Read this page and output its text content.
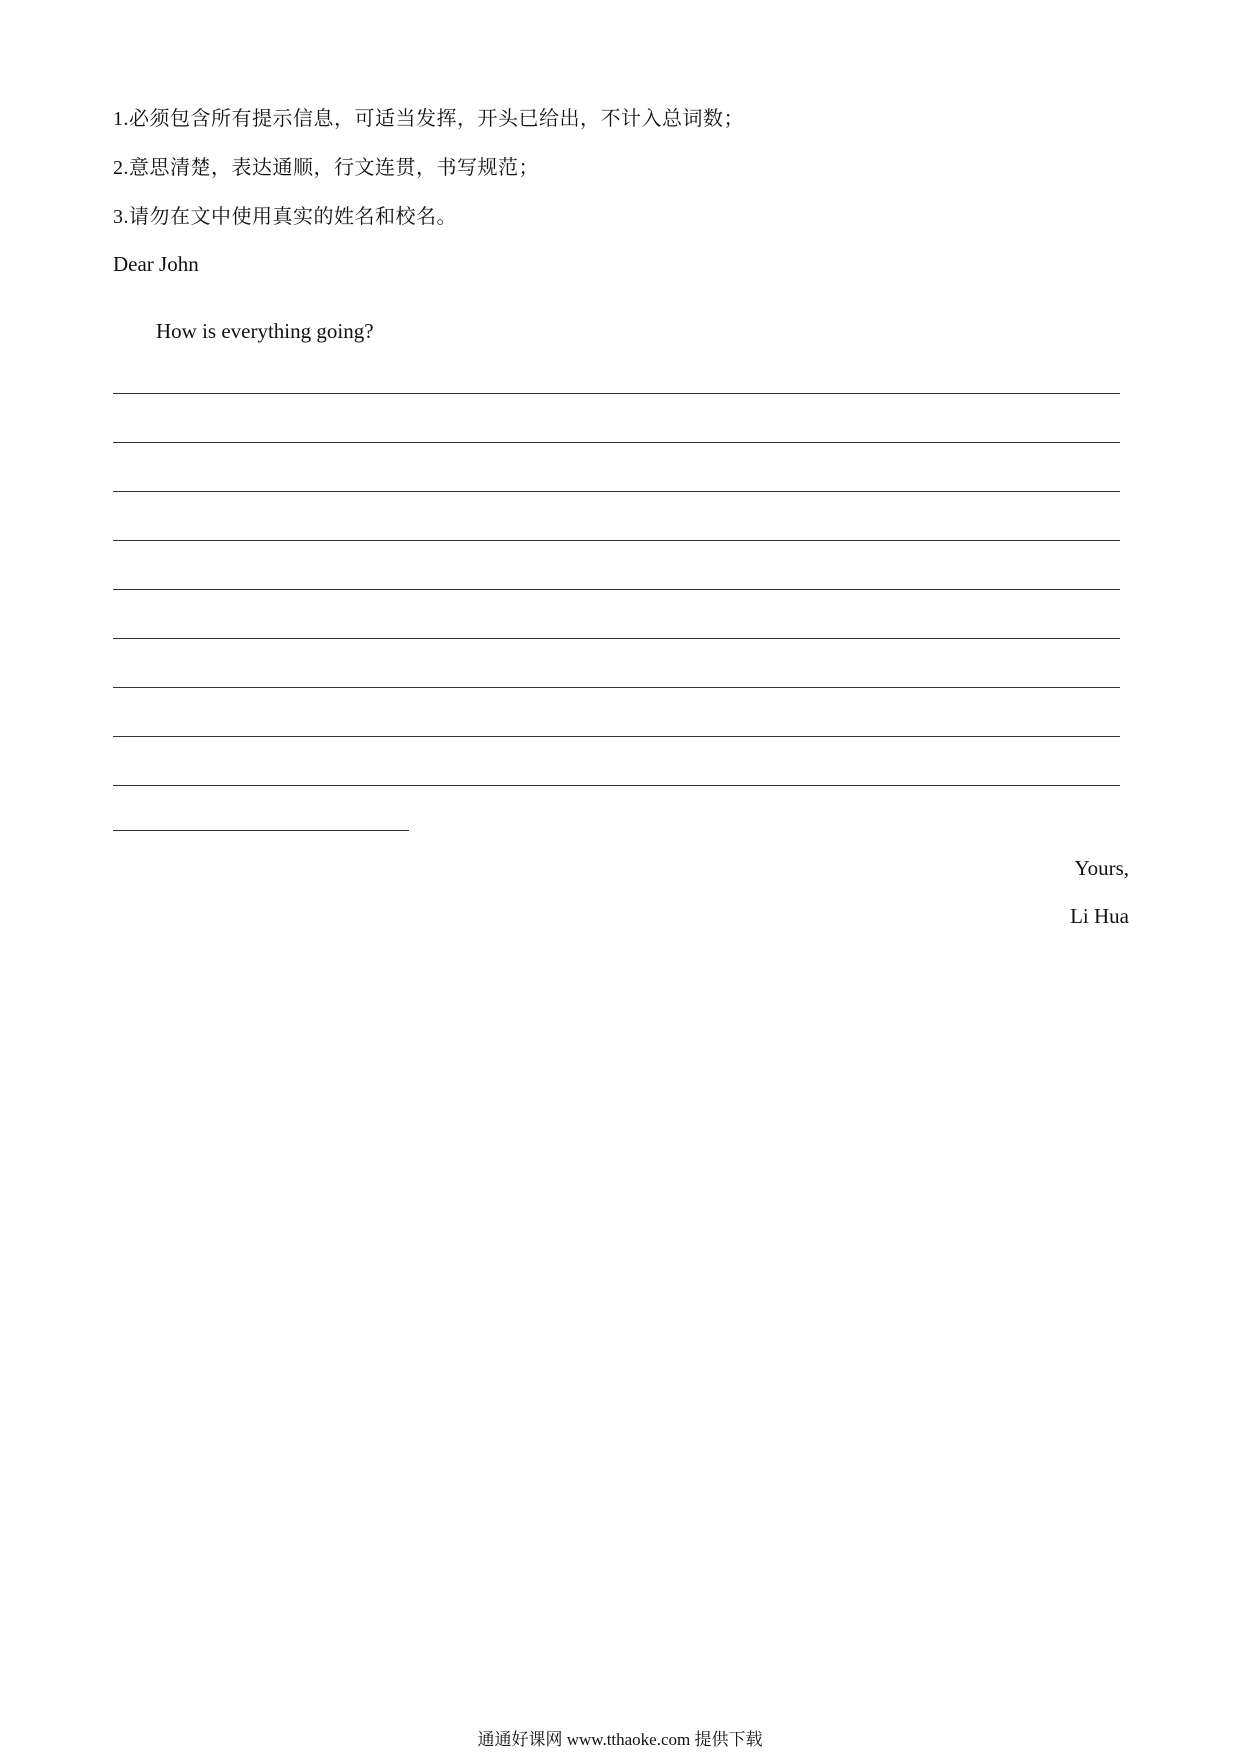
1.必须包含所有提示信息，可适当发挥，开头已给出，不计入总词数；
2.意思清楚，表达通顺，行文连贯，书写规范；
3.请勿在文中使用真实的姓名和校名。
Dear John
How is everything going?
Yours,
Li Hua
通通好课网 www.tthaoke.com 提供下载
